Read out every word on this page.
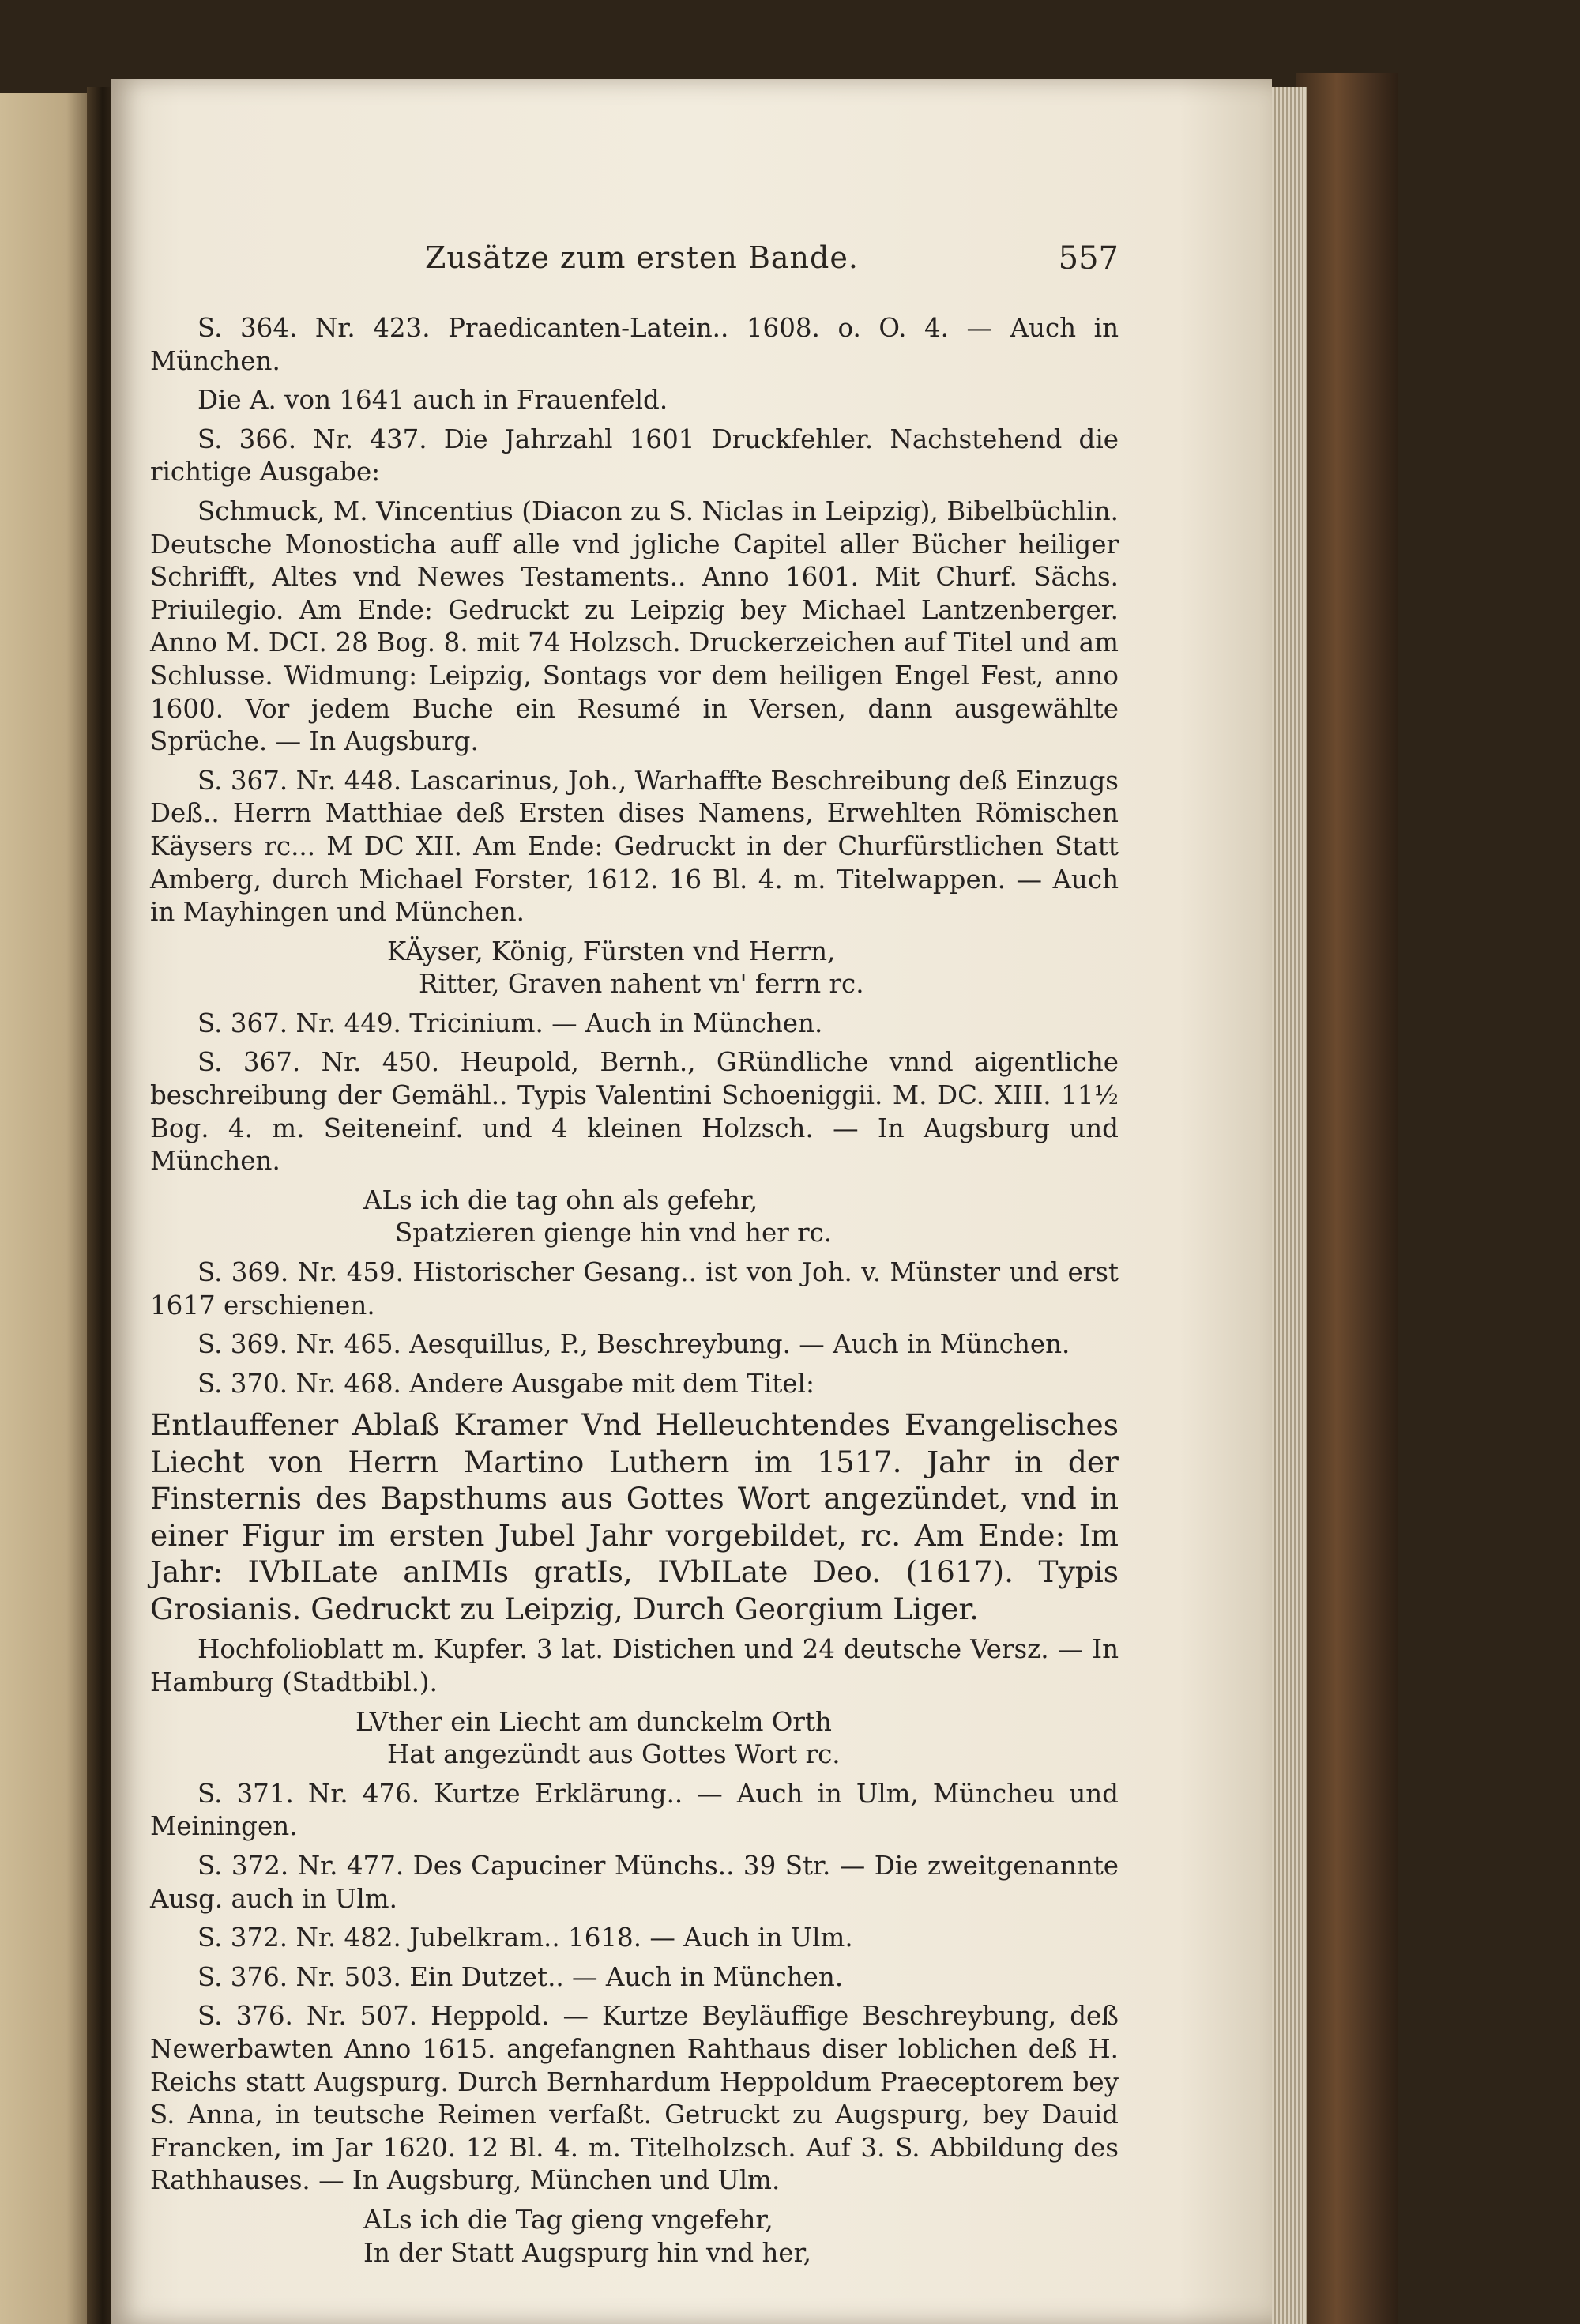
Zusätze zum ersten Bande.	557

S. 364. Nr. 423. Praedicanten-Latein.. 1608. o. O. 4. — Auch in München.

Die A. von 1641 auch in Frauenfeld.

S. 366. Nr. 437. Die Jahrzahl 1601 Druckfehler. Nachstehend die richtige Ausgabe:

Schmuck, M. Vincentius (Diacon zu S. Niclas in Leipzig), Bibelbüchlin. Deutsche Monosticha auff alle vnd jgliche Capitel aller Bücher heiliger Schrifft, Altes vnd Newes Testaments.. Anno 1601. Mit Churf. Sächs. Priuilegio. Am Ende: Gedruckt zu Leipzig bey Michael Lantzenberger. Anno M. DCI. 28 Bog. 8. mit 74 Holzsch. Druckerzeichen auf Titel und am Schlusse. Widmung: Leipzig, Sontags vor dem heiligen Engel Fest, anno 1600. Vor jedem Buche ein Resumé in Versen, dann ausgewählte Sprüche. — In Augsburg.

S. 367. Nr. 448. Lascarinus, Joh., Warhaffte Beschreibung deß Einzugs Deß.. Herrn Matthiae deß Ersten dises Namens, Erwehlten Römischen Käysers rc... M DC XII. Am Ende: Gedruckt in der Churfürstlichen Statt Amberg, durch Michael Forster, 1612. 16 Bl. 4. m. Titelwappen. — Auch in Mayhingen und München.

KÄyser, König, Fürsten vnd Herrn,
Ritter, Graven nahent vn' ferrn rc.

S. 367. Nr. 449. Tricinium. — Auch in München.

S. 367. Nr. 450. Heupold, Bernh., GRündliche vnnd aigentliche beschreibung der Gemähl.. Typis Valentini Schoeniggii. M. DC. XIII. 11½ Bog. 4. m. Seiteneinf. und 4 kleinen Holzsch. — In Augsburg und München.

ALs ich die tag ohn als gefehr,
Spatzieren gienge hin vnd her rc.

S. 369. Nr. 459. Historischer Gesang.. ist von Joh. v. Münster und erst 1617 erschienen.

S. 369. Nr. 465. Aesquillus, P., Beschreybung. — Auch in München.

S. 370. Nr. 468. Andere Ausgabe mit dem Titel:

Entlauffener Ablaß Kramer Vnd Helleuchtendes Evangelisches Liecht von Herrn Martino Luthern im 1517. Jahr in der Finsternis des Bapsthums aus Gottes Wort angezündet, vnd in einer Figur im ersten Jubel Jahr vorgebildet, rc. Am Ende: Im Jahr: IVbILate anIMIs gratIs, IVbILate Deo. (1617). Typis Grosianis. Gedruckt zu Leipzig, Durch Georgium Liger.

Hochfolioblatt m. Kupfer. 3 lat. Distichen und 24 deutsche Versz. — In Hamburg (Stadtbibl.).

LVther ein Liecht am dunckelm Orth
Hat angezündt aus Gottes Wort rc.

S. 371. Nr. 476. Kurtze Erklärung.. — Auch in Ulm, Müncheu und Meiningen.

S. 372. Nr. 477. Des Capuciner Münchs.. 39 Str. — Die zweitgenannte Ausg. auch in Ulm.

S. 372. Nr. 482. Jubelkram.. 1618. — Auch in Ulm.

S. 376. Nr. 503. Ein Dutzet.. — Auch in München.

S. 376. Nr. 507. Heppold. — Kurtze Beyläuffige Beschreybung, deß Newerbawten Anno 1615. angefangnen Rahthaus diser loblichen deß H. Reichs statt Augspurg. Durch Bernhardum Heppoldum Praeceptorem bey S. Anna, in teutsche Reimen verfaßt. Getruckt zu Augspurg, bey Dauid Francken, im Jar 1620. 12 Bl. 4. m. Titelholzsch. Auf 3. S. Abbildung des Rathhauses. — In Augsburg, München und Ulm.

ALs ich die Tag gieng vngefehr,
In der Statt Augspurg hin vnd her,
